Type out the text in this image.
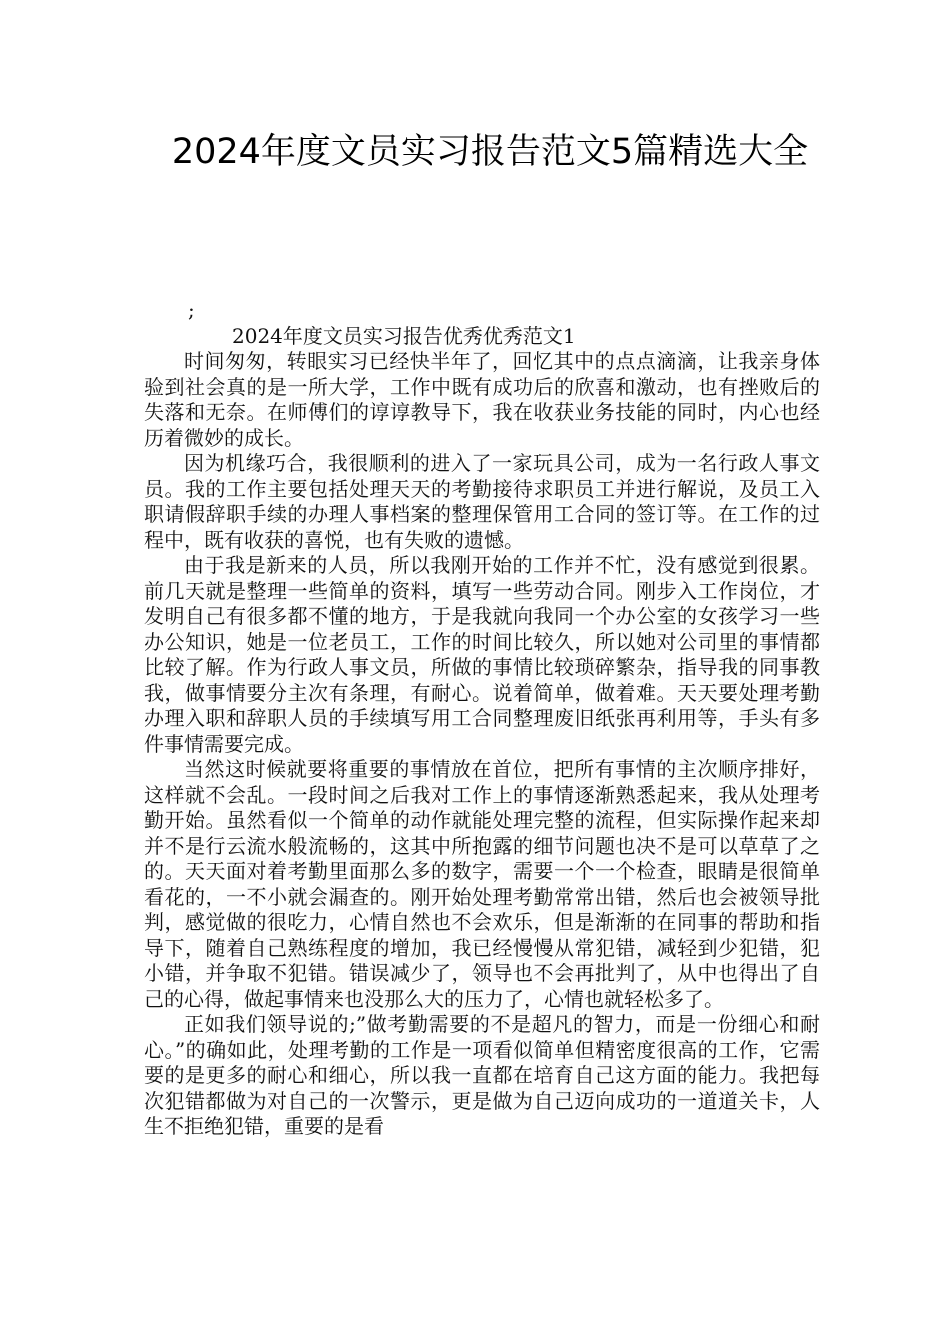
2024年度文员实习报告范文5篇精选大全

;

2024年度文员实习报告优秀优秀范文1

时间匆匆，转眼实习已经快半年了，回忆其中的点点滴滴，让我亲身体验到社会真的是一所大学，工作中既有成功后的欣喜和激动，也有挫败后的失落和无奈。在师傅们的谆谆教导下，我在收获业务技能的同时，内心也经历着微妙的成长。

因为机缘巧合，我很顺利的进入了一家玩具公司，成为一名行政人事文员。我的工作主要包括处理天天的考勤接待求职员工并进行解说，及员工入职请假辞职手续的办理人事档案的整理保管用工合同的签订等。在工作的过程中，既有收获的喜悦，也有失败的遗憾。

由于我是新来的人员，所以我刚开始的工作并不忙，没有感觉到很累。前几天就是整理一些简单的资料，填写一些劳动合同。刚步入工作岗位，才发明自己有很多都不懂的地方，于是我就向我同一个办公室的女孩学习一些办公知识，她是一位老员工，工作的时间比较久，所以她对公司里的事情都比较了解。作为行政人事文员，所做的事情比较琐碎繁杂，指导我的同事教我，做事情要分主次有条理，有耐心。说着简单，做着难。天天要处理考勤办理入职和辞职人员的手续填写用工合同整理废旧纸张再利用等，手头有多件事情需要完成。

当然这时候就要将重要的事情放在首位，把所有事情的主次顺序排好，这样就不会乱。一段时间之后我对工作上的事情逐渐熟悉起来，我从处理考勤开始。虽然看似一个简单的动作就能处理完整的流程，但实际操作起来却并不是行云流水般流畅的，这其中所抱露的细节问题也决不是可以草草了之的。天天面对着考勤里面那么多的数字，需要一个一个检查，眼睛是很简单看花的，一不小就会漏查的。刚开始处理考勤常常出错，然后也会被领导批判，感觉做的很吃力，心情自然也不会欢乐，但是渐渐的在同事的帮助和指导下，随着自己熟练程度的增加，我已经慢慢从常犯错，减轻到少犯错，犯小错，并争取不犯错。错误减少了，领导也不会再批判了，从中也得出了自己的心得，做起事情来也没那么大的压力了，心情也就轻松多了。

正如我们领导说的;”做考勤需要的不是超凡的智力，而是一份细心和耐心。”的确如此，处理考勤的工作是一项看似简单但精密度很高的工作，它需要的是更多的耐心和细心，所以我一直都在培育自己这方面的能力。我把每次犯错都做为对自己的一次警示，更是做为自己迈向成功的一道道关卡，人生不拒绝犯错，重要的是看
